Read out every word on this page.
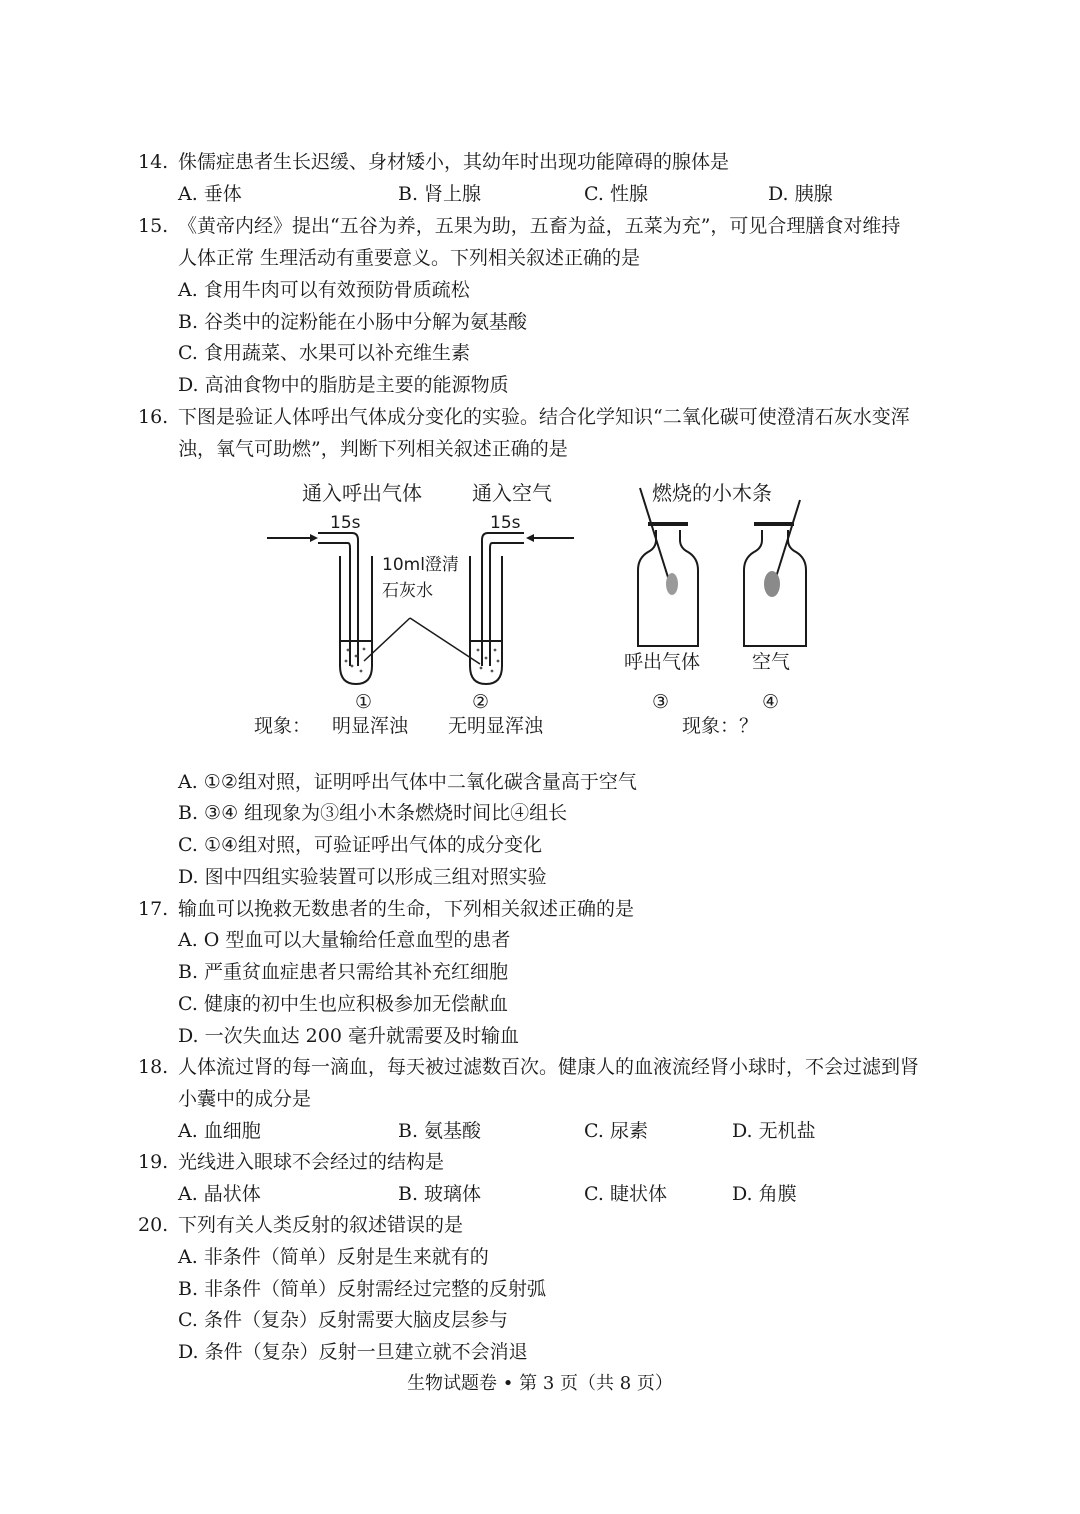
14. 侏儒症患者生长迟缓、身材矮小，其幼年时出现功能障碍的腺体是
A. 垂体	B. 肾上腺	C. 性腺	D. 胰腺
15. 《黄帝内经》提出“五谷为养，五果为助，五畜为益，五菜为充”，可见合理膳食对维持
人体正常 生理活动有重要意义。下列相关叙述正确的是
A. 食用牛肉可以有效预防骨质疏松
B. 谷类中的淀粉能在小肠中分解为氨基酸
C. 食用蔬菜、水果可以补充维生素
D. 高油食物中的脂肪是主要的能源物质
16. 下图是验证人体呼出气体成分变化的实验。结合化学知识“二氧化碳可使澄清石灰水变浑
浊，氧气可助燃”，判断下列相关叙述正确的是
通入呼出气体	通入空气
15s	15s
10ml澄清
石灰水
燃烧的小木条
呼出气体	空气
①	②	③	④
现象： 明显浑浊 无明显浑浊	现象：？
A. ①②组对照，证明呼出气体中二氧化碳含量高于空气
B. ③④ 组现象为③组小木条燃烧时间比④组长
C. ①④组对照，可验证呼出气体的成分变化
D. 图中四组实验装置可以形成三组对照实验
17. 输血可以挽救无数患者的生命，下列相关叙述正确的是
A. O 型血可以大量输给任意血型的患者
B. 严重贫血症患者只需给其补充红细胞
C. 健康的初中生也应积极参加无偿献血
D. 一次失血达 200 毫升就需要及时输血
18. 人体流过肾的每一滴血，每天被过滤数百次。健康人的血液流经肾小球时，不会过滤到肾
小囊中的成分是
A. 血细胞	B. 氨基酸	C. 尿素	D. 无机盐
19. 光线进入眼球不会经过的结构是
A. 晶状体	B. 玻璃体	C. 睫状体	D. 角膜
20. 下列有关人类反射的叙述错误的是
A. 非条件（简单）反射是生来就有的
B. 非条件（简单）反射需经过完整的反射弧
C. 条件（复杂）反射需要大脑皮层参与
D. 条件（复杂）反射一旦建立就不会消退
生物试题卷 • 第 3 页（共 8 页）
